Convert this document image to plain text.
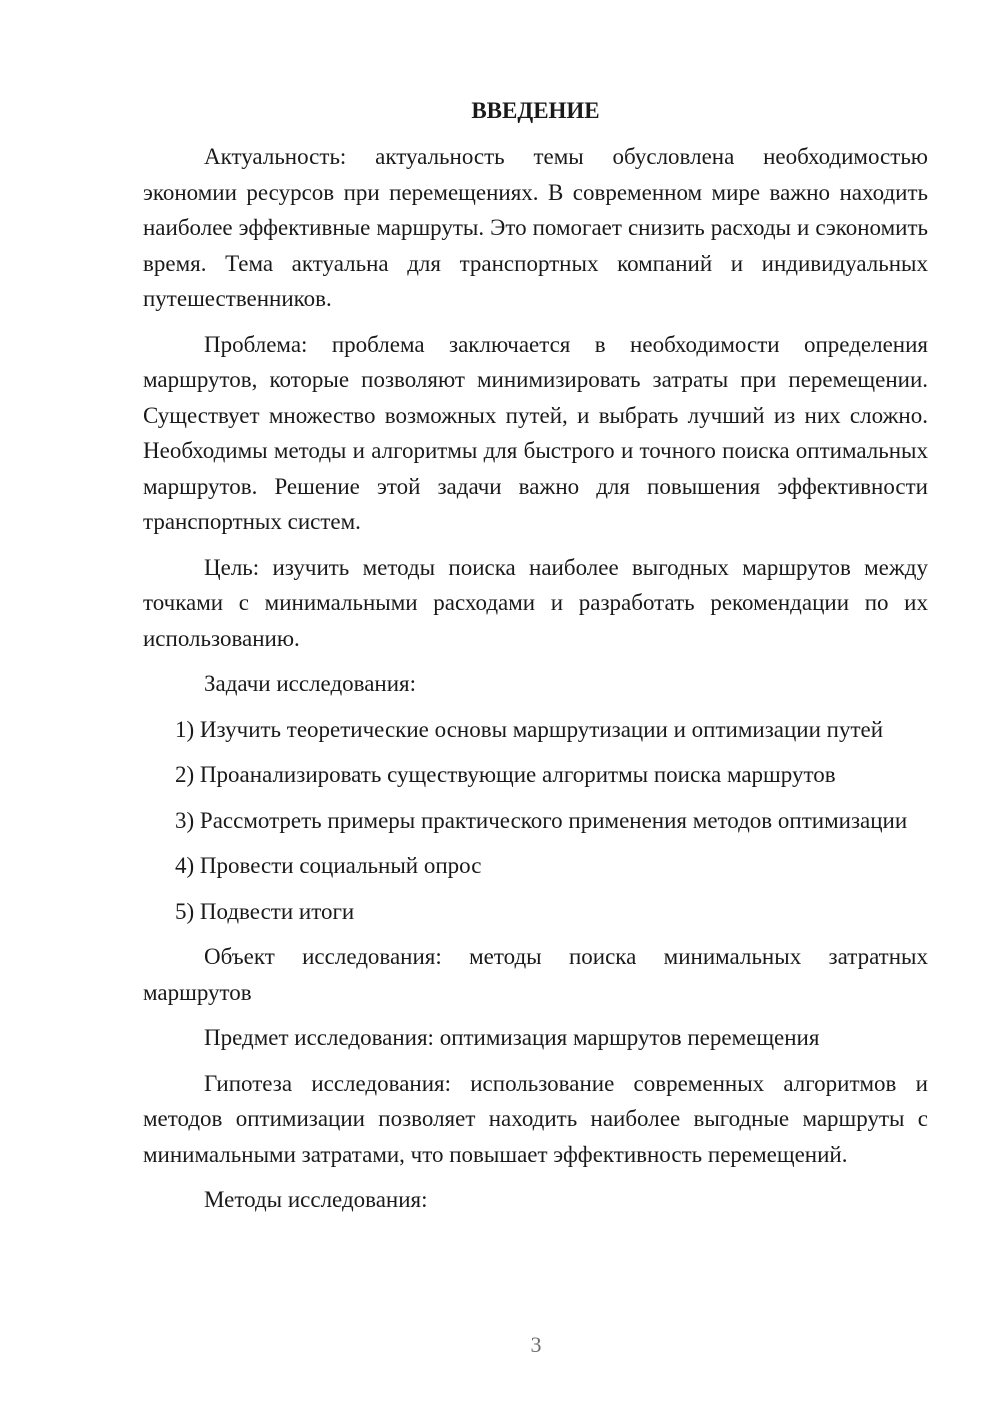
ВВЕДЕНИЕ

Актуальность: актуальность темы обусловлена необходимостью экономии ресурсов при перемещениях. В современном мире важно находить наиболее эффективные маршруты. Это помогает снизить расходы и сэкономить время. Тема актуальна для транспортных компаний и индивидуальных путешественников.

Проблема: проблема заключается в необходимости определения маршрутов, которые позволяют минимизировать затраты при перемещении. Существует множество возможных путей, и выбрать лучший из них сложно. Необходимы методы и алгоритмы для быстрого и точного поиска оптимальных маршрутов. Решение этой задачи важно для повышения эффективности транспортных систем.

Цель: изучить методы поиска наиболее выгодных маршрутов между точками с минимальными расходами и разработать рекомендации по их использованию.

Задачи исследования:

1) Изучить теоретические основы маршрутизации и оптимизации путей

2) Проанализировать существующие алгоритмы поиска маршрутов

3) Рассмотреть примеры практического применения методов оптимизации

4) Провести социальный опрос

5) Подвести итоги

Объект исследования: методы поиска минимальных затратных маршрутов

Предмет исследования: оптимизация маршрутов перемещения

Гипотеза исследования: использование современных алгоритмов и методов оптимизации позволяет находить наиболее выгодные маршруты с минимальными затратами, что повышает эффективность перемещений.

Методы исследования:

3
